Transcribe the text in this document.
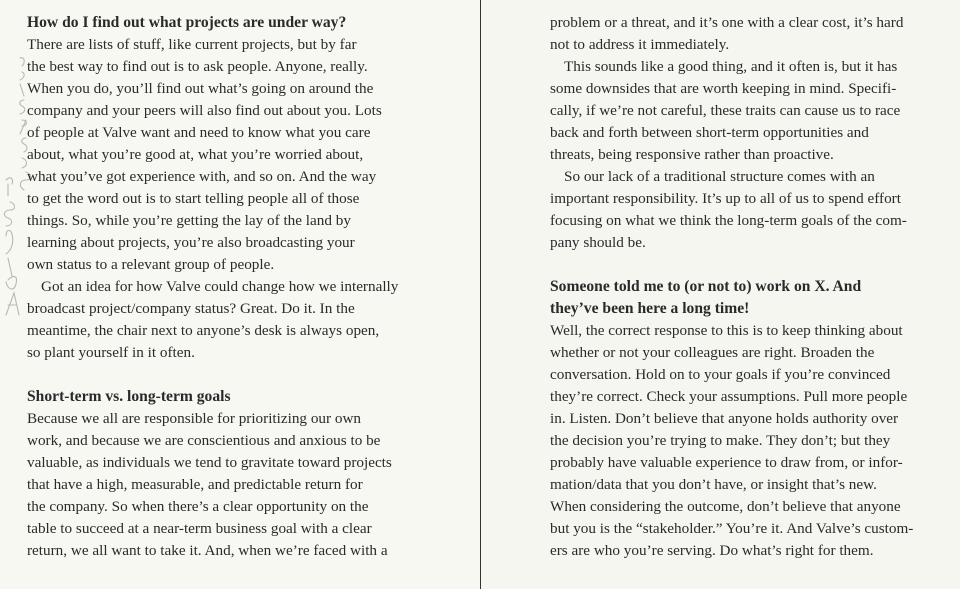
How do I find out what projects are under way?
There are lists of stuff, like current projects, but by far
the best way to find out is to ask people. Anyone, really.
When you do, you’ll find out what’s going on around the
company and your peers will also find out about you. Lots
of people at Valve want and need to know what you care
about, what you’re good at, what you’re worried about,
what you’ve got experience with, and so on. And the way
to get the word out is to start telling people all of those
things. So, while you’re getting the lay of the land by
learning about projects, you’re also broadcasting your
own status to a relevant group of people.
Got an idea for how Valve could change how we internally
broadcast project/company status? Great. Do it. In the
meantime, the chair next to anyone’s desk is always open,
so plant yourself in it often.
Short-term vs. long-term goals
Because we all are responsible for prioritizing our own
work, and because we are conscientious and anxious to be
valuable, as individuals we tend to gravitate toward projects
that have a high, measurable, and predictable return for
the company. So when there’s a clear opportunity on the
table to succeed at a near-term business goal with a clear
return, we all want to take it. And, when we’re faced with a
problem or a threat, and it’s one with a clear cost, it’s hard
not to address it immediately.
This sounds like a good thing, and it often is, but it has
some downsides that are worth keeping in mind. Specifi-
cally, if we’re not careful, these traits can cause us to race
back and forth between short-term opportunities and
threats, being responsive rather than proactive.
So our lack of a traditional structure comes with an
important responsibility. It’s up to all of us to spend effort
focusing on what we think the long-term goals of the com-
pany should be.
Someone told me to (or not to) work on X. And
they’ve been here a long time!
Well, the correct response to this is to keep thinking about
whether or not your colleagues are right. Broaden the
conversation. Hold on to your goals if you’re convinced
they’re correct. Check your assumptions. Pull more people
in. Listen. Don’t believe that anyone holds authority over
the decision you’re trying to make. They don’t; but they
probably have valuable experience to draw from, or infor-
mation/data that you don’t have, or insight that’s new.
When considering the outcome, don’t believe that anyone
but you is the “stakeholder.” You’re it. And Valve’s custom-
ers are who you’re serving. Do what’s right for them.
